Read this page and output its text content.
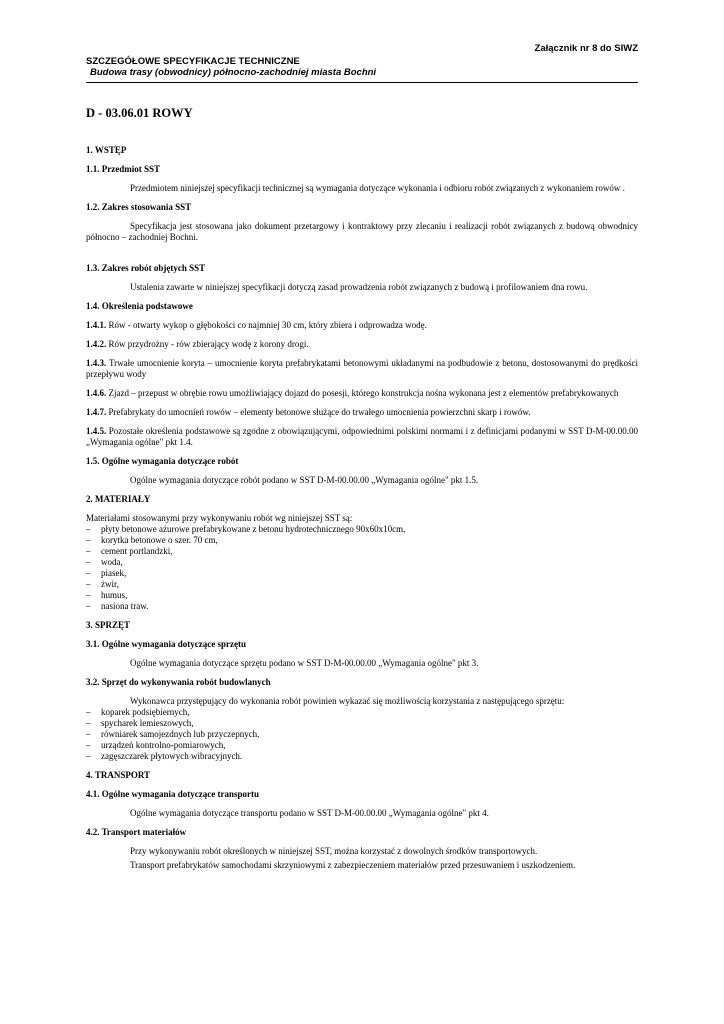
Załącznik nr 8 do SIWZ
SZCZEGÓŁOWE SPECYFIKACJE TECHNICZNE
Budowa trasy (obwodnicy) północno-zachodniej miasta Bochni

D - 03.06.01 ROWY

1. WSTĘP

1.1. Przedmiot SST

Przedmiotem niniejszej specyfikacji technicznej są wymagania dotyczące wykonania i odbioru robót związanych z wykonaniem rowów .

1.2. Zakres stosowania SST

Specyfikacja jest stosowana jako dokument przetargowy i kontraktowy przy zlecaniu i realizacji robót związanych z budową obwodnicy północno – zachodniej Bochni.

1.3. Zakres robót objętych SST

Ustalenia zawarte w niniejszej specyfikacji dotyczą zasad prowadzenia robót związanych z budową i profilowaniem dna rowu.

1.4. Określenia podstawowe

1.4.1. Rów - otwarty wykop o głębokości co najmniej 30 cm, który zbiera i odprowadza wodę.

1.4.2. Rów przydrożny - rów zbierający wodę z korony drogi.

1.4.3. Trwałe umocnienie koryta – umocnienie koryta prefabrykatami betonowymi układanymi na podbudowie z betonu, dostosowanymi do prędkości przepływu wody

1.4.6. Zjazd – przepust w obrębie rowu umożliwiający dojazd do posesji, którego konstrukcja nośna wykonana jest z elementów prefabrykowanych

1.4.7. Prefabrykaty do umocnień rowów – elementy betonowe służące do trwałego umocnienia powierzchni skarp i rowów.

1.4.5. Pozostałe określenia podstawowe są zgodne z obowiązującymi, odpowiednimi polskimi normami i z definicjami podanymi w SST D-M-00.00.00 „Wymagania ogólne" pkt 1.4.

1.5. Ogólne wymagania dotyczące robót

Ogólne wymagania dotyczące robót podano w SST D-M-00.00.00 „Wymagania ogólne" pkt 1.5.

2. MATERIAŁY

Materiałami stosowanymi przy wykonywaniu robót wg niniejszej SST są:

– płyty betonowe ażurowe prefabrykowane z betonu hydrotechnicznego 90x60x10cm,
– korytka betonowe o szer. 70 cm,
– cement portlandzki,
– woda,
– piasek,
– żwir,
– humus,
– nasiona traw.

3. SPRZĘT

3.1. Ogólne wymagania dotyczące sprzętu

Ogólne wymagania dotyczące sprzętu podano w SST D-M-00.00.00 „Wymagania ogólne" pkt 3.

3.2. Sprzęt do wykonywania robót budowlanych

Wykonawca przystępujący do wykonania robót powinien wykazać się możliwością korzystania z następującego sprzętu:

– koparek podsiębiernych,
– spycharek lemieszowych,
– równiarek samojezdnych lub przyczepnych,
– urządzeń kontrolno-pomiarowych,
– zagęszczarek płytowych wibracyjnych.

4. TRANSPORT

4.1. Ogólne wymagania dotyczące transportu

Ogólne wymagania dotyczące transportu podano w SST D-M-00.00.00 „Wymagania ogólne" pkt 4.

4.2. Transport materiałów

Przy wykonywaniu robót określonych w niniejszej SST, można korzystać z dowolnych środków transportowych.

Transport prefabrykatów samochodami skrzyniowymi z zabezpieczeniem materiałów przed przesuwaniem i uszkodzeniem.
